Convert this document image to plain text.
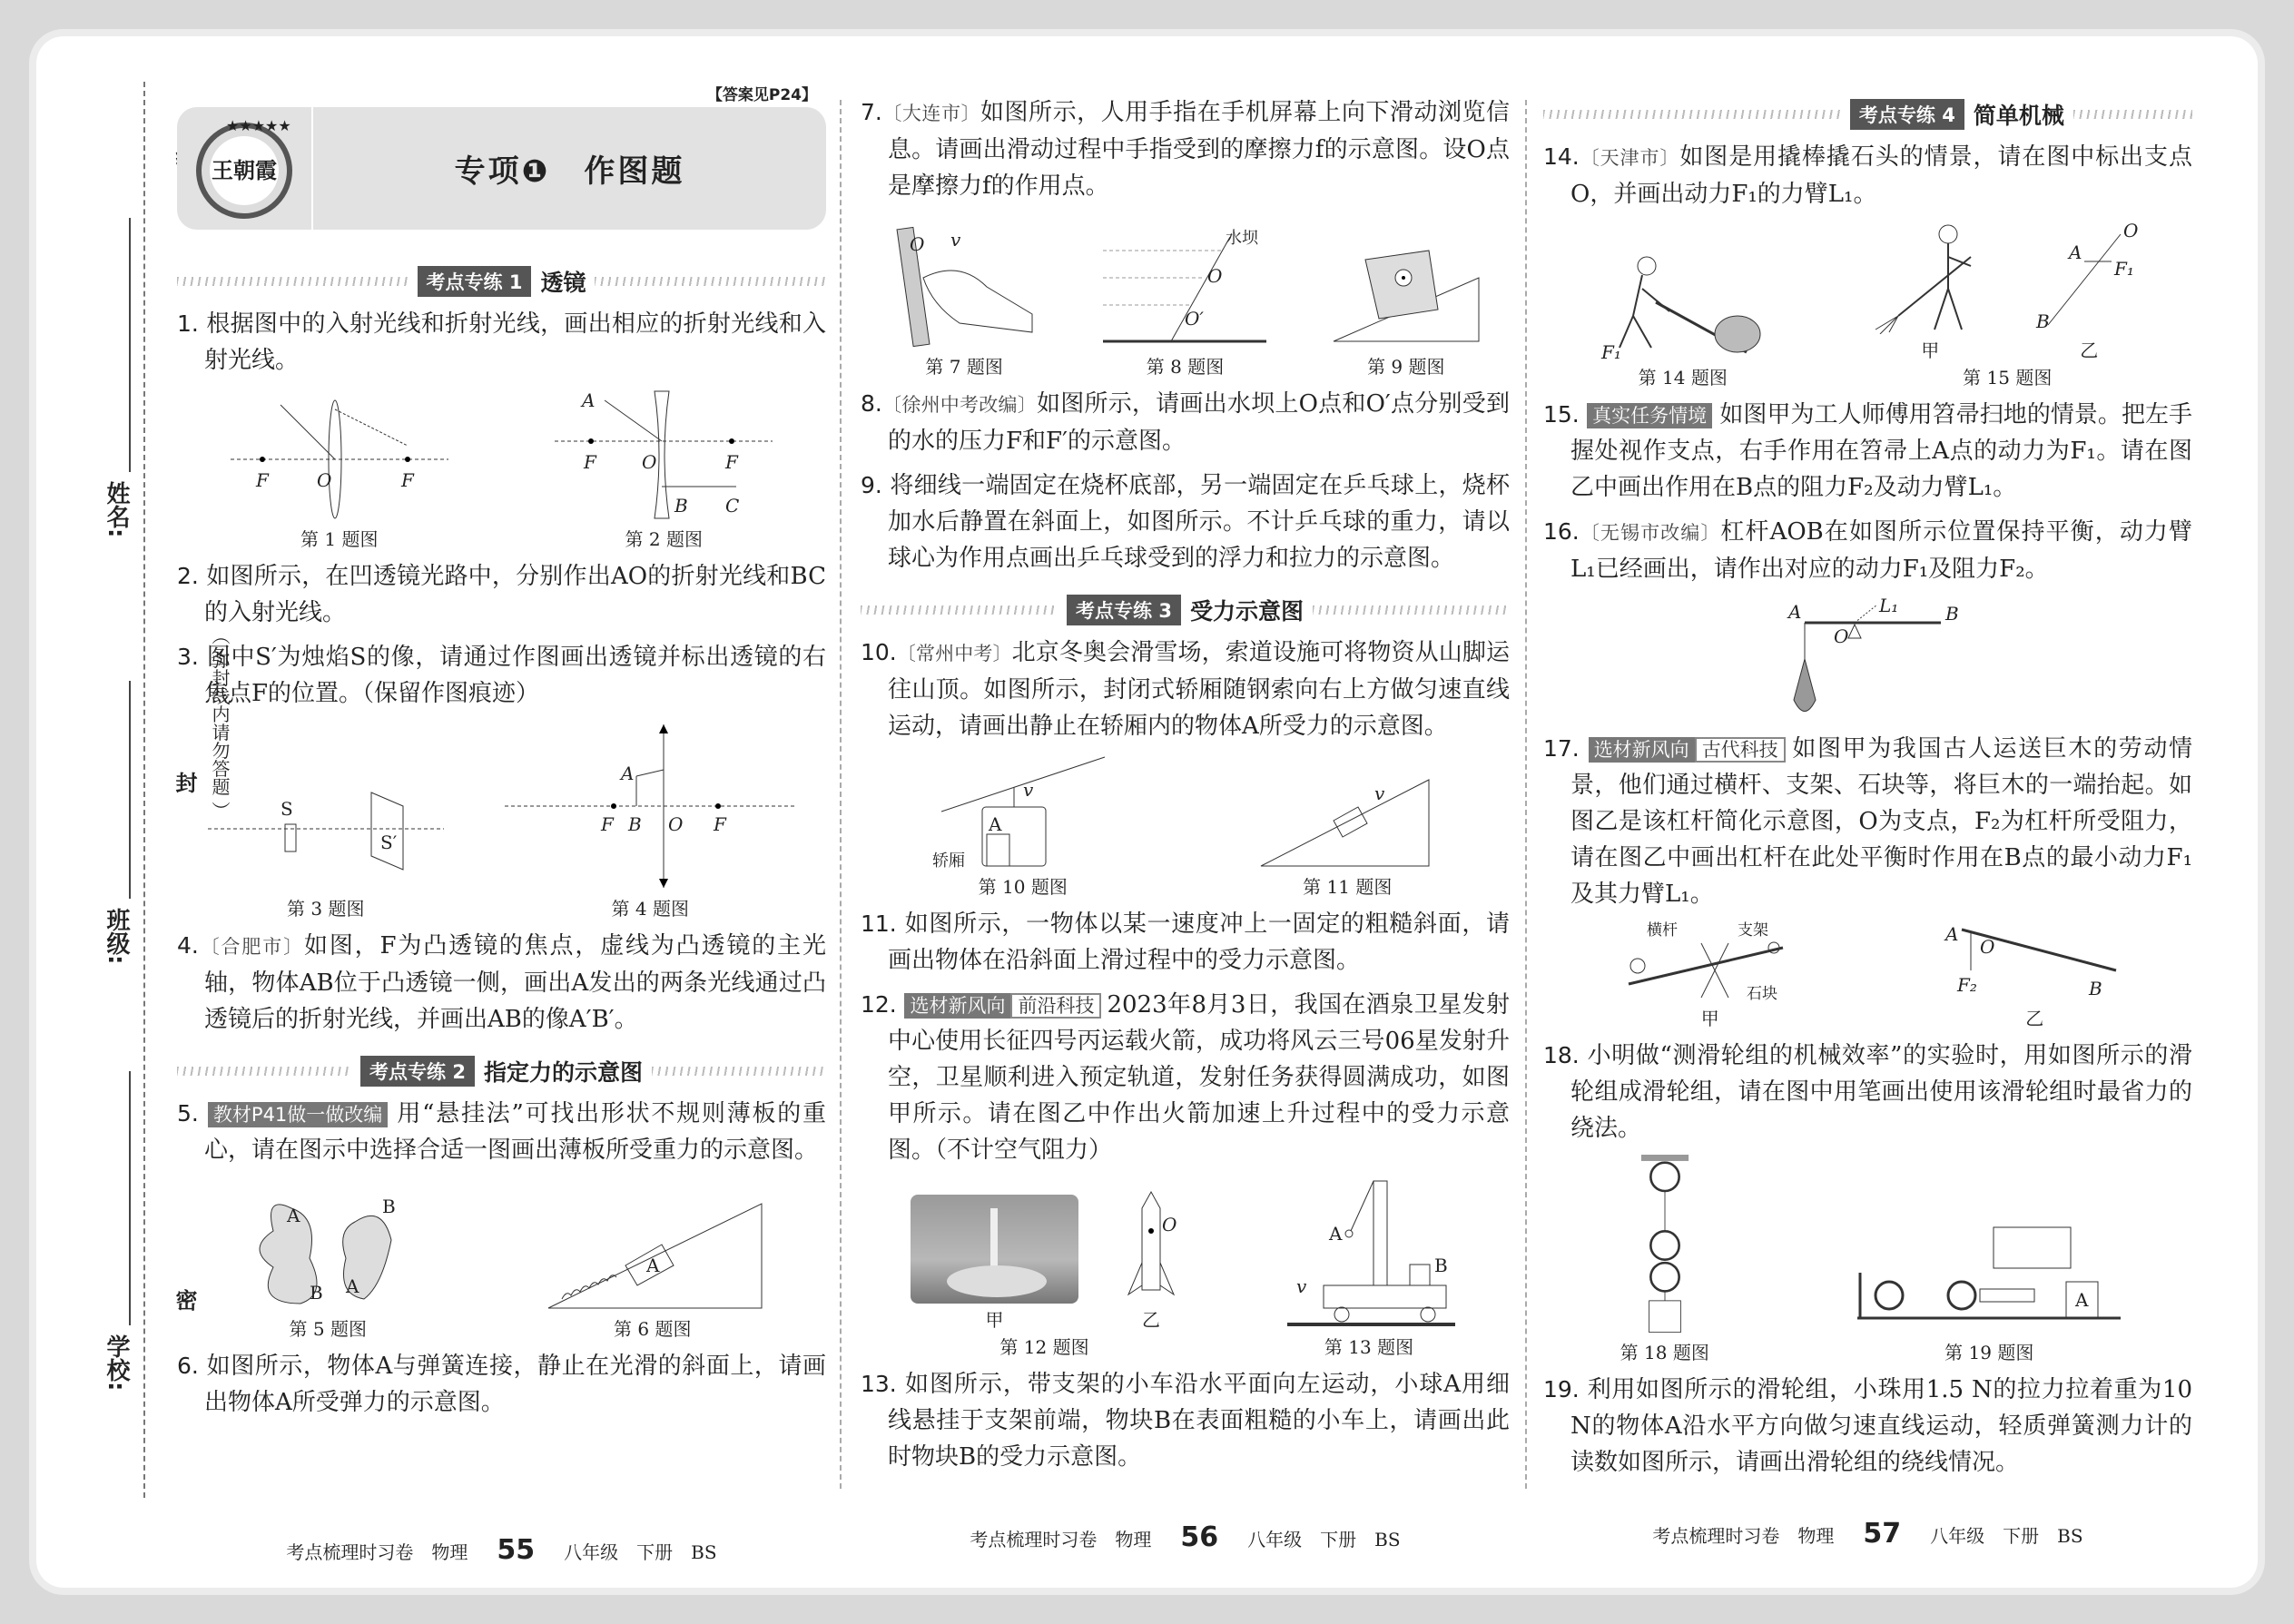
封
密
（ 弥封线内请勿答题 ）
姓名:
班级:
学校:
【答案见P24】
王朝霞
★★★★★
专项❶　作图题
考点专练 1 透镜
1. 根据图中的入射光线和折射光线，画出相应的折射光线和入射光线。
F	O	F
第 1 题图
A
F	O	F
B C
第 2 题图
2. 如图所示，在凹透镜光路中，分别作出AO的折射光线和BC的入射光线。
3. 图中S′为烛焰S的像，请通过作图画出透镜并标出透镜的右焦点F的位置。（保留作图痕迹）
S
S′
第 3 题图
A
F B O F
第 4 题图
4.〔合肥市〕如图，F为凸透镜的焦点，虚线为凸透镜的主光轴，物体AB位于凸透镜一侧，画出A发出的两条光线通过凸透镜后的折射光线，并画出AB的像A′B′。
考点专练 2 指定力的示意图
5. 教材P41做一做改编 用“悬挂法”可找出形状不规则薄板的重心，请在图示中选择合适一图画出薄板所受重力的示意图。
A
B
B
A
第 5 题图
A
第 6 题图
6. 如图所示，物体A与弹簧连接，静止在光滑的斜面上，请画出物体A所受弹力的示意图。
考点梳理时习卷　物理 55 八年级　下册　BS
7.〔大连市〕如图所示，人用手指在手机屏幕上向下滑动浏览信息。请画出滑动过程中手指受到的摩擦力f的示意图。设O点是摩擦力f的作用点。
O v
第 7 题图
水坝
O
O′
第 8 题图	第 9 题图
8.〔徐州中考改编〕如图所示，请画出水坝上O点和O′点分别受到的水的压力F和F′的示意图。
9. 将细线一端固定在烧杯底部，另一端固定在乒乓球上，烧杯加水后静置在斜面上，如图所示。不计乒乓球的重力，请以球心为作用点画出乒乓球受到的浮力和拉力的示意图。
考点专练 3 受力示意图
10.〔常州中考〕北京冬奥会滑雪场，索道设施可将物资从山脚运往山顶。如图所示，封闭式轿厢随钢索向右上方做匀速直线运动，请画出静止在轿厢内的物体A所受力的示意图。
A
v
轿厢
第 10 题图
v
第 11 题图
11. 如图所示，一物体以某一速度冲上一固定的粗糙斜面，请画出物体在沿斜面上滑过程中的受力示意图。
12. 选材新风向 前沿科技 2023年8月3日，我国在酒泉卫星发射中心使用长征四号丙运载火箭，成功将风云三号06星发射升空，卫星顺利进入预定轨道，发射任务获得圆满成功，如图甲所示。请在图乙中作出火箭加速上升过程中的受力示意图。（不计空气阻力）
甲
O
乙
第 12 题图
A
B
v
第 13 题图
13. 如图所示，带支架的小车沿水平面向左运动，小球A用细线悬挂于支架前端，物块B在表面粗糙的小车上，请画出此时物块B的受力示意图。
考点梳理时习卷　物理 56 八年级　下册　BS
考点专练 4 简单机械
14.〔天津市〕如图是用撬棒撬石头的情景，请在图中标出支点O，并画出动力F₁的力臂L₁。
F₁
第 14 题图
甲
O
A
F₁
B
乙
第 15 题图
15. 真实任务情境 如图甲为工人师傅用笤帚扫地的情景。把左手握处视作支点，右手作用在笤帚上A点的动力为F₁。请在图乙中画出作用在B点的阻力F₂及动力臂L₁。
16.〔无锡市改编〕杠杆AOB在如图所示位置保持平衡，动力臂L₁已经画出，请作出对应的动力F₁及阻力F₂。
A	B
O
L₁
17. 选材新风向 古代科技 如图甲为我国古人运送巨木的劳动情景，他们通过横杆、支架、石块等，将巨木的一端抬起。如图乙是该杠杆简化示意图，O为支点，F₂为杠杆所受阻力，请在图乙中画出杠杆在此处平衡时作用在B点的最小动力F₁及其力臂L₁。
横杆	支架
石块
甲
A
O
F₂	B
乙
18. 小明做“测滑轮组的机械效率”的实验时，用如图所示的滑轮组成滑轮组，请在图中用笔画出使用该滑轮组时最省力的绕法。
第 18 题图
A
第 19 题图
19. 利用如图所示的滑轮组，小珠用1.5 N的拉力拉着重为10 N的物体A沿水平方向做匀速直线运动，轻质弹簧测力计的读数如图所示，请画出滑轮组的绕线情况。
考点梳理时习卷　物理 57 八年级　下册　BS
